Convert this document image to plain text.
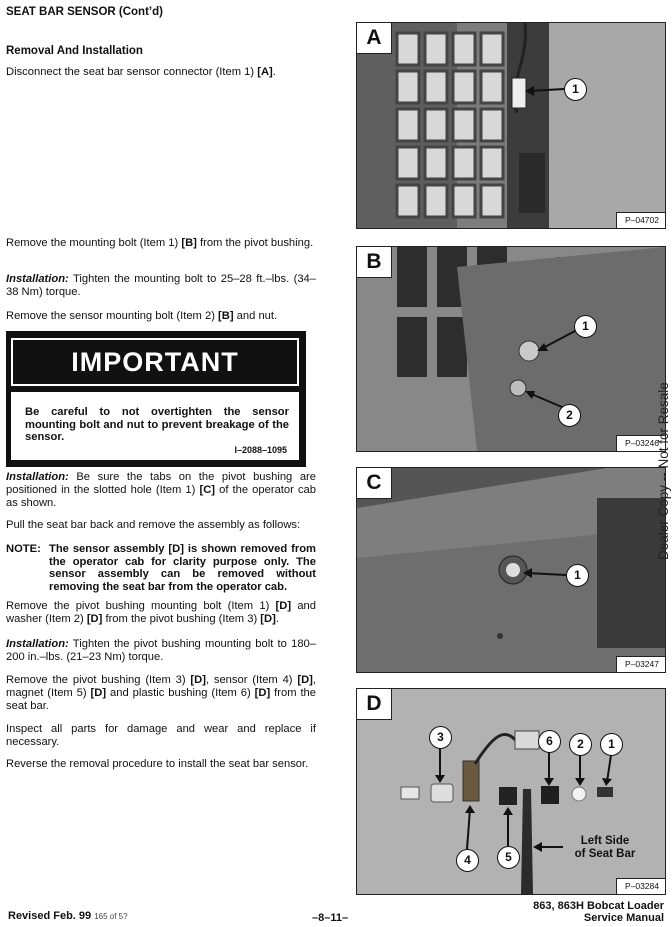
SEAT BAR SENSOR (Cont’d)
Removal And Installation

Disconnect the seat bar sensor connector (Item 1) [A].

Remove the mounting bolt (Item 1) [B] from the pivot bushing.

Installation: Tighten the mounting bolt to 25–28 ft.–lbs. (34–38 Nm) torque.

Remove the sensor mounting bolt (Item 2) [B] and nut.

IMPORTANT
Be careful to not overtighten the sensor mounting bolt and nut to prevent breakage of the sensor.
I–2088–1095

Installation: Be sure the tabs on the pivot bushing are positioned in the slotted hole (Item 1) [C] of the operator cab as shown.

Pull the seat bar back and remove the assembly as follows:

NOTE: The sensor assembly [D] is shown removed from the operator cab for clarity purpose only. The sensor assembly can be removed without removing the seat bar from the operator cab.

Remove the pivot bushing mounting bolt (Item 1) [D] and washer (Item 2) [D] from the pivot bushing (Item 3) [D].

Installation: Tighten the pivot bushing mounting bolt to 180–200 in.–lbs. (21–23 Nm) torque.

Remove the pivot bushing (Item 3) [D], sensor (Item 4) [D], magnet (Item 5) [D] and plastic bushing (Item 6) [D] from the seat bar.

Inspect all parts for damage and wear and replace if necessary.

Reverse the removal procedure to install the seat bar sensor.

A
1
P–04702
B
1
2
P–03246
C
1
P–03247
D
3	6	2	1
4	5
Left Side
of Seat Bar
P–03284
Dealer Copy -- Not for Resale
Revised Feb. 99 165 of 5?	–8–11–
863, 863H Bobcat Loader
Service Manual
